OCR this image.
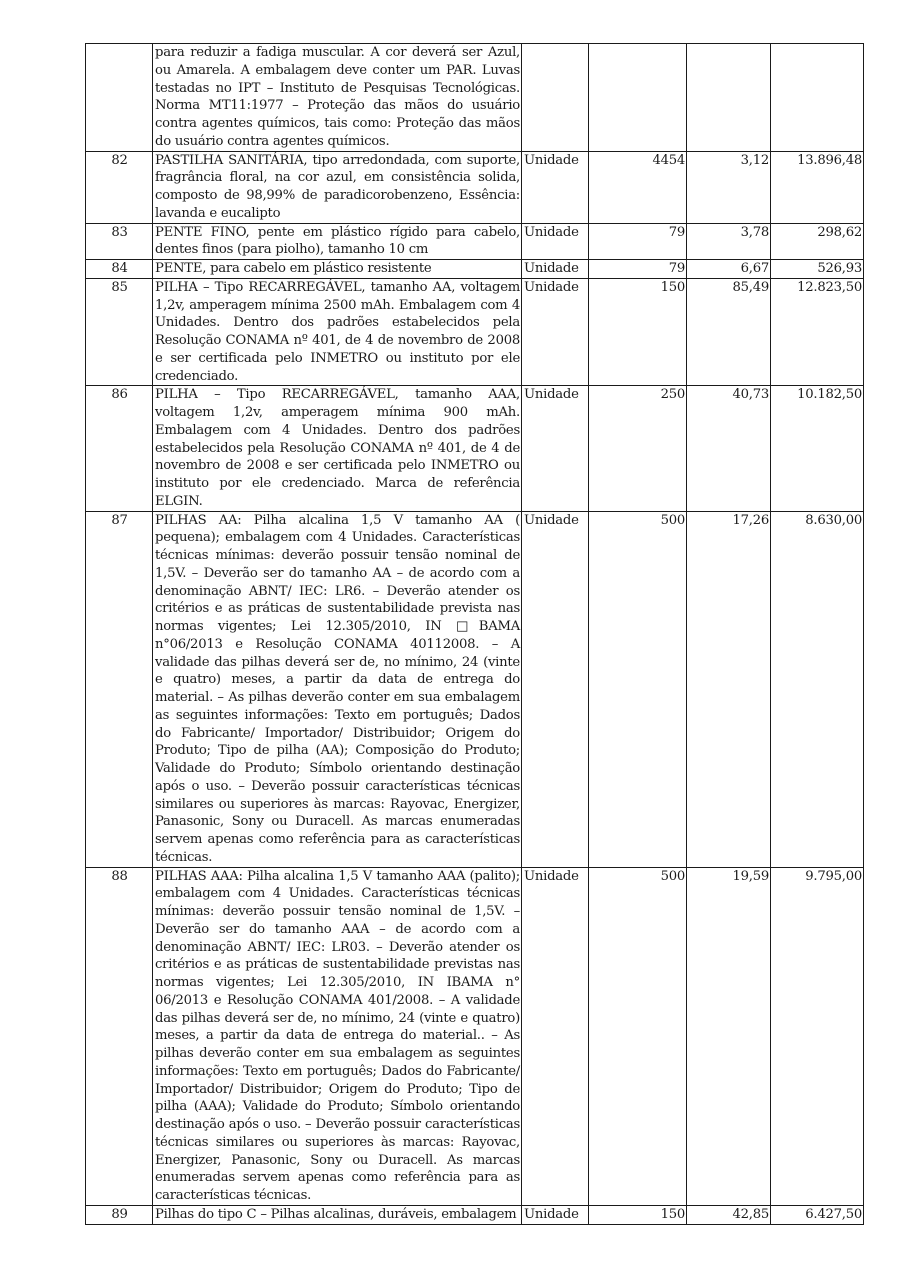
	para reduzir a fadiga muscular. A cor deverá ser Azul, ou Amarela. A embalagem deve conter um PAR. Luvas testadas no IPT – Instituto de Pesquisas Tecnológicas. Norma MT11:1977 – Proteção das mãos do usuário contra agentes químicos, tais como: Proteção das mãos do usuário contra agentes químicos.				
82	PASTILHA SANITÁRIA, tipo arredondada, com suporte, fragrância floral, na cor azul, em consistência solida, composto de 98,99% de paradicorobenzeno, Essência: lavanda e eucalipto	Unidade	4454	3,12	13.896,48
83	PENTE FINO, pente em plástico rígido para cabelo, dentes finos (para piolho), tamanho 10 cm	Unidade	79	3,78	298,62
84	PENTE, para cabelo em plástico resistente	Unidade	79	6,67	526,93
85	PILHA – Tipo RECARREGÁVEL, tamanho AA, voltagem 1,2v, amperagem mínima 2500 mAh. Embalagem com 4 Unidades. Dentro dos padrões estabelecidos pela Resolução CONAMA nº 401, de 4 de novembro de 2008 e ser certificada pelo INMETRO ou instituto por ele credenciado.	Unidade	150	85,49	12.823,50
86	PILHA – Tipo RECARREGÁVEL, tamanho AAA, voltagem 1,2v, amperagem mínima 900 mAh. Embalagem com 4 Unidades. Dentro dos padrões estabelecidos pela Resolução CONAMA nº 401, de 4 de novembro de 2008 e ser certificada pelo INMETRO ou instituto por ele credenciado. Marca de referência ELGIN.	Unidade	250	40,73	10.182,50
87	PILHAS AA: Pilha alcalina 1,5 V tamanho AA ( pequena); embalagem com 4 Unidades. Características técnicas mínimas: deverão possuir tensão nominal de 1,5V. – Deverão ser do tamanho AA – de acordo com a denominação ABNT/ IEC: LR6. – Deverão atender os critérios e as práticas de sustentabilidade prevista nas normas vigentes; Lei 12.305/2010, IN □BAMA n°06/2013 e Resolução CONAMA 40112008. – A validade das pilhas deverá ser de, no mínimo, 24 (vinte e quatro) meses, a partir da data de entrega do material. – As pilhas deverão conter em sua embalagem as seguintes informações: Texto em português; Dados do Fabricante/ Importador/ Distribuidor; Origem do Produto; Tipo de pilha (AA); Composição do Produto; Validade do Produto; Símbolo orientando destinação após o uso. – Deverão possuir características técnicas similares ou superiores às marcas: Rayovac, Energizer, Panasonic, Sony ou Duracell. As marcas enumeradas servem apenas como referência para as características técnicas.	Unidade	500	17,26	8.630,00
88	PILHAS AAA: Pilha alcalina 1,5 V tamanho AAA (palito); embalagem com 4 Unidades. Características técnicas mínimas: deverão possuir tensão nominal de 1,5V. – Deverão ser do tamanho AAA – de acordo com a denominação ABNT/ IEC: LR03. – Deverão atender os critérios e as práticas de sustentabilidade previstas nas normas vigentes; Lei 12.305/2010, IN IBAMA n° 06/2013 e Resolução CONAMA 401/2008. – A validade das pilhas deverá ser de, no mínimo, 24 (vinte e quatro) meses, a partir da data de entrega do material.. – As pilhas deverão conter em sua embalagem as seguintes informações: Texto em português; Dados do Fabricante/ Importador/ Distribuidor; Origem do Produto; Tipo de pilha (AAA); Validade do Produto; Símbolo orientando destinação após o uso. – Deverão possuir características técnicas similares ou superiores às marcas: Rayovac, Energizer, Panasonic, Sony ou Duracell. As marcas enumeradas servem apenas como referência para as características técnicas.	Unidade	500	19,59	9.795,00
89	Pilhas do tipo C – Pilhas alcalinas, duráveis, embalagem	Unidade	150	42,85	6.427,50
